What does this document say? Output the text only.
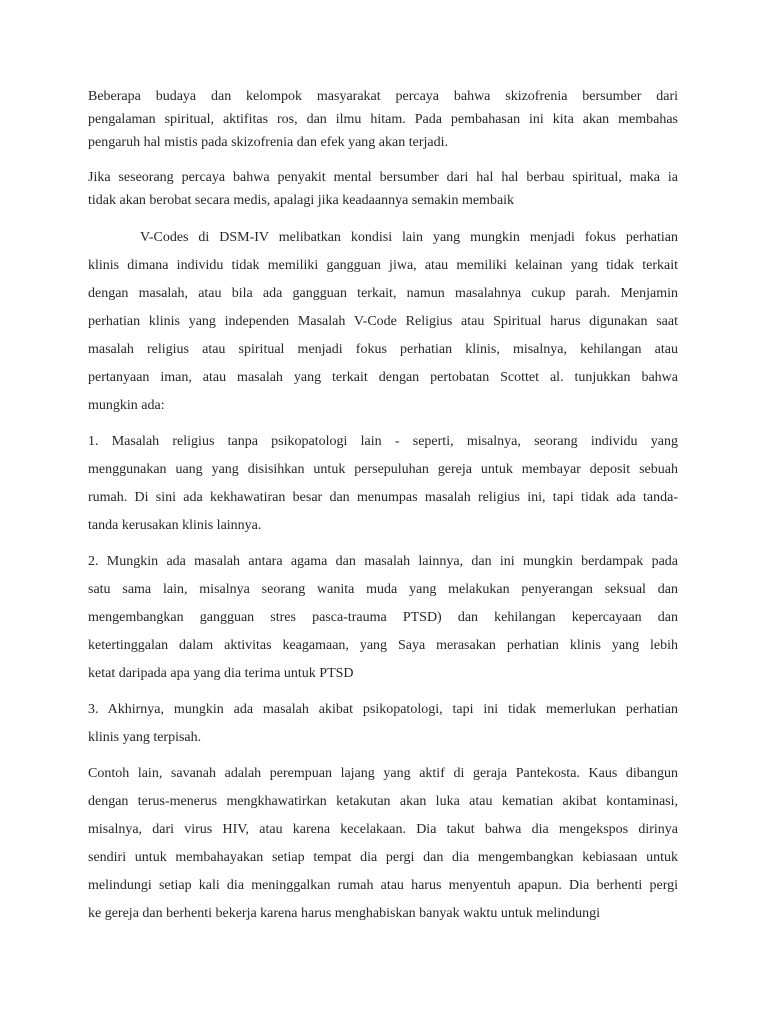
Beberapa budaya dan kelompok masyarakat percaya bahwa skizofrenia bersumber dari
pengalaman spiritual, aktifitas ros, dan ilmu hitam. Pada pembahasan ini kita akan membahas
pengaruh hal mistis pada skizofrenia dan efek yang akan terjadi.
Jika seseorang percaya bahwa penyakit mental bersumber dari hal hal berbau spiritual, maka ia
tidak akan berobat secara medis, apalagi jika keadaannya semakin membaik
V-Codes di DSM-IV melibatkan kondisi lain yang mungkin menjadi fokus perhatian
klinis dimana individu tidak memiliki gangguan jiwa, atau memiliki kelainan yang tidak terkait
dengan masalah, atau bila ada gangguan terkait, namun masalahnya cukup parah. Menjamin
perhatian klinis yang independen Masalah V-Code Religius atau Spiritual harus digunakan saat
masalah religius atau spiritual menjadi fokus perhatian klinis, misalnya, kehilangan atau
pertanyaan iman, atau masalah yang terkait dengan pertobatan Scottet al. tunjukkan bahwa
mungkin ada:
1. Masalah religius tanpa psikopatologi lain - seperti, misalnya, seorang individu yang
menggunakan uang yang disisihkan untuk persepuluhan gereja untuk membayar deposit sebuah
rumah. Di sini ada kekhawatiran besar dan menumpas masalah religius ini, tapi tidak ada tanda-
tanda kerusakan klinis lainnya.
2. Mungkin ada masalah antara agama dan masalah lainnya, dan ini mungkin berdampak pada
satu sama lain, misalnya seorang wanita muda yang melakukan penyerangan seksual dan
mengembangkan gangguan stres pasca-trauma PTSD) dan kehilangan kepercayaan dan
ketertinggalan dalam aktivitas keagamaan, yang Saya merasakan perhatian klinis yang lebih
ketat daripada apa yang dia terima untuk PTSD
3. Akhirnya, mungkin ada masalah akibat psikopatologi, tapi ini tidak memerlukan perhatian
klinis yang terpisah.
Contoh lain, savanah adalah perempuan lajang yang aktif di geraja Pantekosta. Kaus dibangun
dengan terus-menerus mengkhawatirkan ketakutan akan luka atau kematian akibat kontaminasi,
misalnya, dari virus HIV, atau karena kecelakaan. Dia takut bahwa dia mengekspos dirinya
sendiri untuk membahayakan setiap tempat dia pergi dan dia mengembangkan kebiasaan untuk
melindungi setiap kali dia meninggalkan rumah atau harus menyentuh apapun. Dia berhenti pergi
ke gereja dan berhenti bekerja karena harus menghabiskan banyak waktu untuk melindungi
